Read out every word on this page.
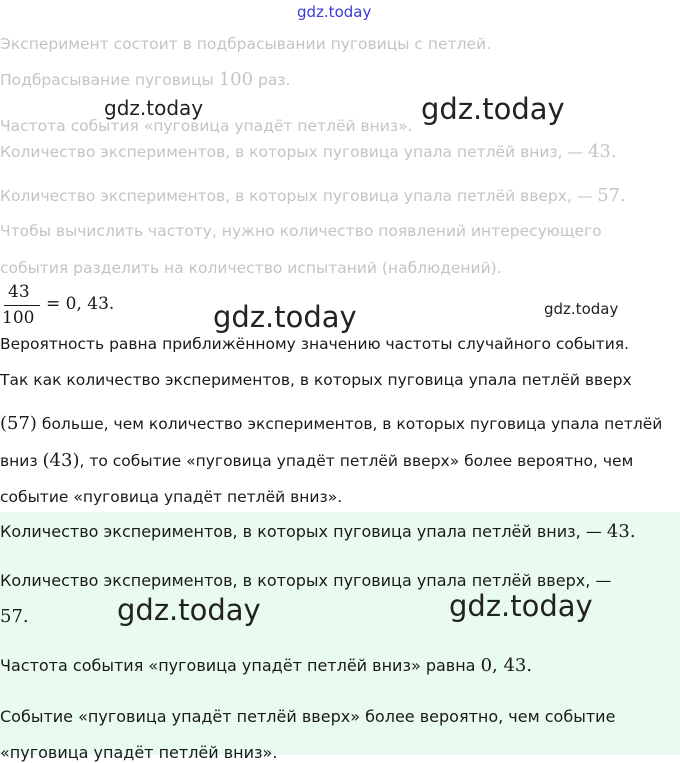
Эксперимент состоит в подбрасывании пуговицы с петлей.
Подбрасывание пуговицы 100 раз.
Частота события «пуговица упадёт петлёй вниз».
Количество экспериментов, в которых пуговица упала петлёй вниз, — 43.
Количество экспериментов, в которых пуговица упала петлёй вверх, — 57.
Чтобы вычислить частоту, нужно количество появлений интересующего
события разделить на количество испытаний (наблюдений).
43
100
= 0, 43.
Вероятность равна приближённому значению частоты случайного события.
Так как количество экспериментов, в которых пуговица упала петлёй вверх
(57) больше, чем количество экспериментов, в которых пуговица упала петлёй
вниз (43), то событие «пуговица упадёт петлёй вверх» более вероятно, чем
событие «пуговица упадёт петлёй вниз».
Количество экспериментов, в которых пуговица упала петлёй вниз, — 43.
Количество экспериментов, в которых пуговица упала петлёй вверх, —
57.
Частота события «пуговица упадёт петлёй вниз» равна 0, 43.
Событие «пуговица упадёт петлёй вверх» более вероятно, чем событие
«пуговица упадёт петлёй вниз».
gdz.today
gdz.today	gdz.today
gdz.today	gdz.today
gdz.today	gdz.today
